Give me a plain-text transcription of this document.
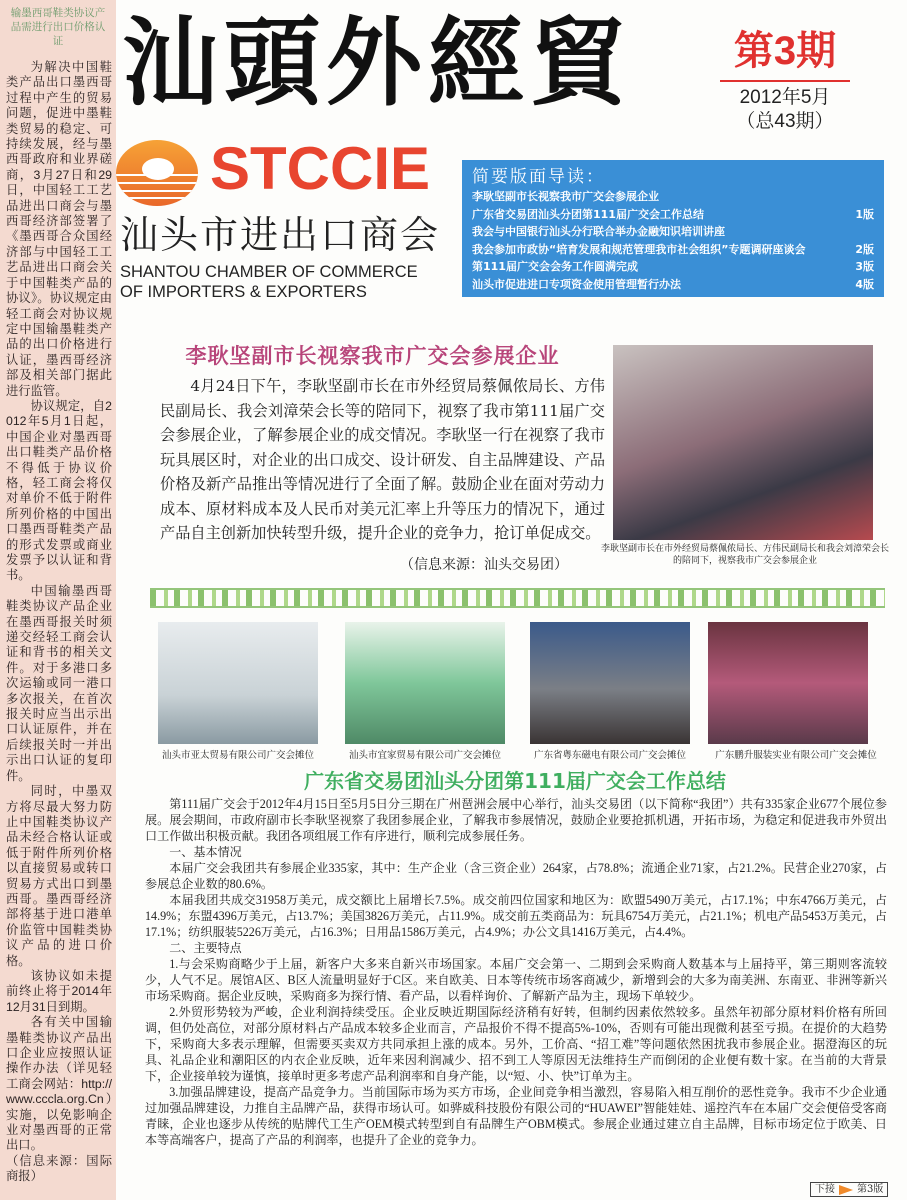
输墨西哥鞋类协议产品需进行出口价格认证

为解决中国鞋类产品出口墨西哥过程中产生的贸易问题，促进中墨鞋类贸易的稳定、可持续发展，经与墨西哥政府和业界磋商，3月27日和29日，中国轻工工艺品进出口商会与墨西哥经济部签署了《墨西哥合众国经济部与中国轻工工艺品进出口商会关于中国鞋类产品的协议》。协议规定由轻工商会对协议规定中国输墨鞋类产品的出口价格进行认证，墨西哥经济部及相关部门据此进行监管。

协议规定，自2012年5月1日起，中国企业对墨西哥出口鞋类产品价格不得低于协议价格，轻工商会将仅对单价不低于附件所列价格的中国出口墨西哥鞋类产品的形式发票或商业发票予以认证和背书。

中国输墨西哥鞋类协议产品企业在墨西哥报关时须递交经轻工商会认证和背书的相关文件。对于多港口多次运输或同一港口多次报关，在首次报关时应当出示出口认证原件，并在后续报关时一并出示出口认证的复印件。

同时，中墨双方将尽最大努力防止中国鞋类协议产品未经合格认证或低于附件所列价格以直接贸易或转口贸易方式出口到墨西哥。墨西哥经济部将基于进口港单价监管中国鞋类协议产品的进口价格。

该协议如未提前终止将于2014年12月31日到期。

各有关中国输墨鞋类协议产品出口企业应按照认证操作办法（详见轻工商会网站：http://www.cccla.org.Cn）实施，以免影响企业对墨西哥的正常出口。

（信息来源：国际商报）

汕頭外經貿	第3期
2012年5月
（总43期）
STCCIE
汕头市进出口商会
SHANTOU CHAMBER OF COMMERCE
OF IMPORTERS & EXPORTERS
简要版面导读：
李耿坚副市长视察我市广交会参展企业
广东省交易团汕头分团第111届广交会工作总结	1版
我会与中国银行汕头分行联合举办金融知识培训讲座
我会参加市政协“培育发展和规范管理我市社会组织”专题调研座谈会	2版
第111届广交会会务工作圆满完成	3版
汕头市促进进口专项资金使用管理暂行办法	4版
李耿坚副市长视察我市广交会参展企业

4月24日下午，李耿坚副市长在市外经贸局蔡佩侬局长、方伟民副局长、我会刘漳荣会长等的陪同下，视察了我市第111届广交会参展企业，了解参展企业的成交情况。李耿坚一行在视察了我市玩具展区时，对企业的出口成交、设计研发、自主品牌建设、产品价格及新产品推出等情况进行了全面了解。鼓励企业在面对劳动力成本、原材料成本及人民币对美元汇率上升等压力的情况下，通过产品自主创新加快转型升级，提升企业的竞争力，抢订单促成交。

（信息来源：汕头交易团）
李耿坚副市长在市外经贸局蔡佩侬局长、方伟民副局长和我会刘漳荣会长的陪同下，视察我市广交会参展企业
汕头市亚太贸易有限公司广交会摊位	汕头市宜家贸易有限公司广交会摊位	广东省粤东磁电有限公司广交会摊位	广东鹏升服装实业有限公司广交会摊位
广东省交易团汕头分团第111届广交会工作总结

第111届广交会于2012年4月15日至5月5日分三期在广州琶洲会展中心举行，汕头交易团（以下简称“我团”）共有335家企业677个展位参展。展会期间，市政府副市长李耿坚视察了我团参展企业，了解我市参展情况，鼓励企业要抢抓机遇，开拓市场，为稳定和促进我市外贸出口工作做出积极贡献。我团各项组展工作有序进行，顺利完成参展任务。

一、基本情况

本届广交会我团共有参展企业335家，其中：生产企业（含三资企业）264家，占78.8%；流通企业71家，占21.2%。民营企业270家，占参展总企业数的80.6%。

本届我团共成交31958万美元，成交额比上届增长7.5%。成交前四位国家和地区为：欧盟5490万美元，占17.1%；中东4766万美元，占14.9%；东盟4396万美元，占13.7%；美国3826万美元，占11.9%。成交前五类商品为：玩具6754万美元，占21.1%；机电产品5453万美元，占17.1%；纺织服装5226万美元，占16.3%；日用品1586万美元，占4.9%；办公文具1416万美元，占4.4%。

二、主要特点

1.与会采购商略少于上届，新客户大多来自新兴市场国家。本届广交会第一、二期到会采购商人数基本与上届持平，第三期则客流较少，人气不足。展馆A区、B区人流量明显好于C区。来自欧美、日本等传统市场客商减少，新增到会的大多为南美洲、东南亚、非洲等新兴市场采购商。据企业反映，采购商多为探行情、看产品，以看样询价、了解新产品为主，现场下单较少。

2.外贸形势较为严峻，企业利润持续受压。企业反映近期国际经济稍有好转，但制约因素依然较多。虽然年初部分原材料价格有所回调，但仍处高位，对部分原材料占产品成本较多企业而言，产品报价不得不提高5%-10%，否则有可能出现微利甚至亏损。在提价的大趋势下，采购商大多表示理解，但需要买卖双方共同承担上涨的成本。另外，工价高、“招工难”等问题依然困扰我市参展企业。据澄海区的玩具、礼品企业和潮阳区的内衣企业反映，近年来因利润减少、招不到工人等原因无法维持生产而倒闭的企业便有数十家。在当前的大背景下，企业接单较为谨慎，接单时更多考虑产品利润率和自身产能，以“短、小、快”订单为主。

3.加强品牌建设，提高产品竞争力。当前国际市场为买方市场，企业间竞争相当激烈，容易陷入相互削价的恶性竞争。我市不少企业通过加强品牌建设，力推自主品牌产品，获得市场认可。如骅威科技股份有限公司的“HUAWEI”智能娃娃、遥控汽车在本届广交会便倍受客商青睐，企业也逐步从传统的贴牌代工生产OEM模式转型到自有品牌生产OBM模式。参展企业通过建立自主品牌，目标市场定位于欧美、日本等高端客户，提高了产品的利润率，也提升了企业的竞争力。

下接 第3版
